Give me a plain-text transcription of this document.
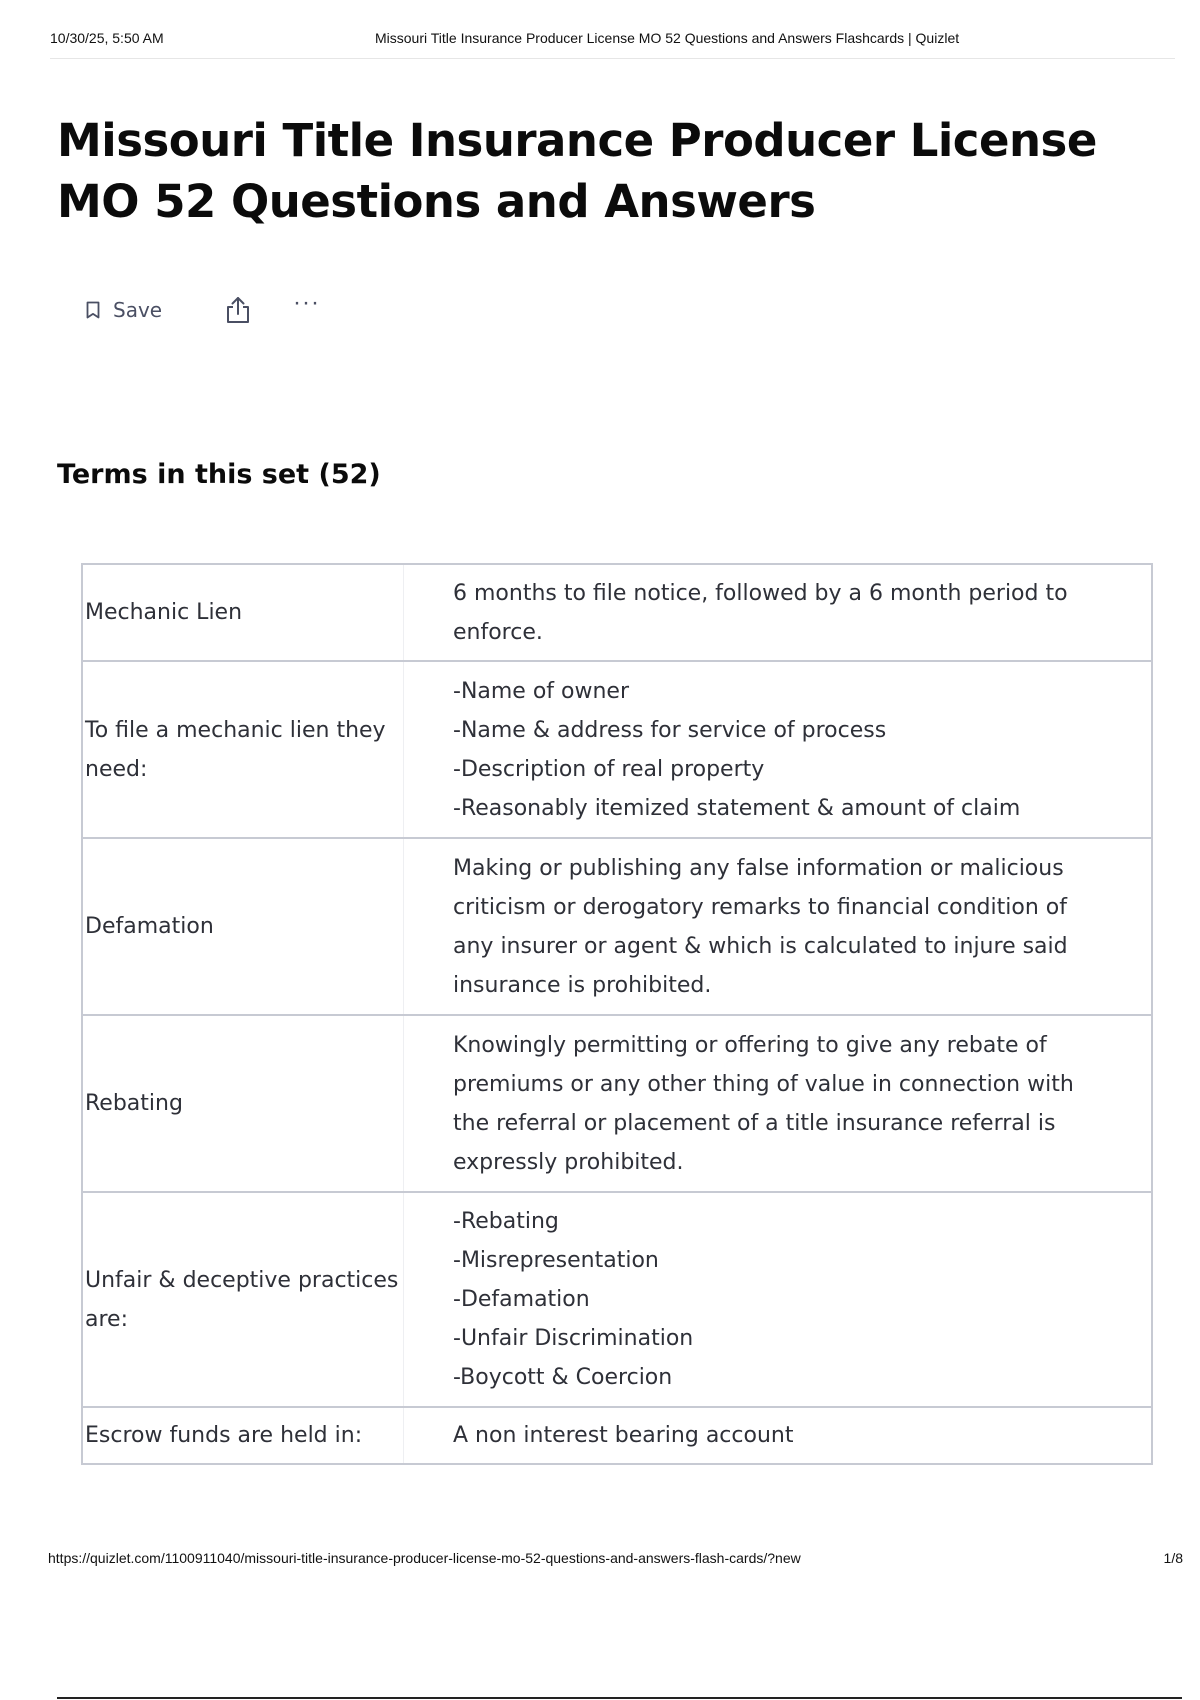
10/30/25, 5:50 AM	Missouri Title Insurance Producer License MO 52 Questions and Answers Flashcards | Quizlet
Missouri Title Insurance Producer License MO 52 Questions and Answers
Save	···
Terms in this set (52)
Mechanic Lien	6 months to file notice, followed by a 6 month period to enforce.

To file a mechanic lien they need:	-Name of owner
-Name & address for service of process
-Description of real property
-Reasonably itemized statement & amount of claim

Defamation	Making or publishing any false information or malicious criticism or derogatory remarks to financial condition of any insurer or agent & which is calculated to injure said insurance is prohibited.

Rebating	Knowingly permitting or offering to give any rebate of premiums or any other thing of value in connection with the referral or placement of a title insurance referral is expressly prohibited.

Unfair & deceptive practices are:	-Rebating
-Misrepresentation
-Defamation
-Unfair Discrimination
-Boycott & Coercion

Escrow funds are held in:	A non interest bearing account
https://quizlet.com/1100911040/missouri-title-insurance-producer-license-mo-52-questions-and-answers-flash-cards/?new	1/8
